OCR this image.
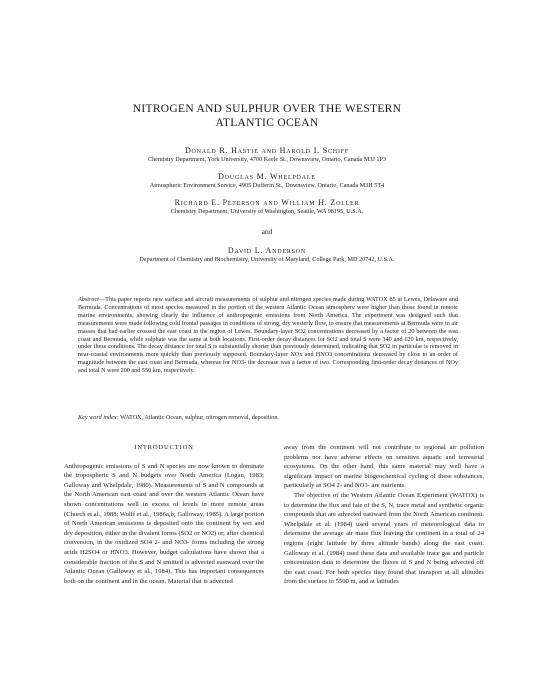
NITROGEN AND SULPHUR OVER THE WESTERN
ATLANTIC OCEAN
Donald R. Hastie and Harold I. Schiff
Chemistry Department, York University, 4700 Keele St., Downsview, Ontario, Canada M3J 1P3
Douglas M. Whelpdale
Atmospheric Environment Service, 4905 Dufferin St., Downsview, Ontario, Canada M3H 5T4
Richard E. Peterson and William H. Zoller
Chemistry Department, University of Washington, Seattle, WA 98195, U.S.A.
and
David L. Anderson
Department of Chemistry and Biochemistry, University of Maryland, College Park, MD 20742, U.S.A.
Abstract—This paper reports new surface and aircraft measurements of sulphur and nitrogen species made during WATOX 85 at Lewes, Delaware and Bermuda. Concentrations of most species measured in the portion of the western Atlantic Ocean atmosphere were higher than those found in remote marine environments, showing clearly the influence of anthropogenic emissions from North America. The experiment was designed such that measurements were made following cold frontal passages in conditions of strong, dry westerly flow, to ensure that measurements at Bermuda were in air masses that had earlier crossed the east coast in the region of Lewes. Boundary-layer SO2 concentrations decreased by a factor of 20 between the east coast and Bermuda, while sulphate was the same at both locations. First-order decay distances for SO2 and total S were 340 and 620 km, respectively, under these conditions. The decay distance for total S is substantially shorter than previously determined, indicating that SO2 in particular is removed in near-coastal environments more quickly than previously supposed. Boundary-layer NOx and HNO3 concentrations decreased by close to an order of magnitude between the east coast and Bermuda, whereas for NO3- the decrease was a factor of two. Corresponding first-order decay distances of NOy and total N were 200 and 550 km, respectively.
Key word index: WATOX, Atlantic Ocean, sulphur, nitrogen removal, deposition.
INTRODUCTION

Anthropogenic emissions of S and N species are now known to dominate the tropospheric S and N budgets over North America (Logan, 1983; Galloway and Whelpdale, 1980). Measurements of S and N compounds at the North American east coast and over the western Atlantic Ocean have shown concentrations well in excess of levels in more remote areas (Church et al., 1988; Wolff et al., 1986a,b; Galloway, 1985). A large portion of North American emissions is deposited onto the continent by wet and dry deposition, either in the divalent forms (SO2 or NO2) or, after chemical conversion, in the oxidized SO4 2- and NO3- forms including the strong acids H2SO4 or HNO3. However, budget calculations have shown that a considerable fraction of the S and N emitted is advected eastward over the Atlantic Ocean (Galloway et al., 1984). This has important consequences both on the continent and in the ocean. Material that is advected

away from the continent will not contribute to regional air pollution problems nor have adverse effects on sensitive aquatic and terrestrial ecosystems. On the other hand, this same material may well have a significant impact on marine biogeochemical cycling of these substances, particularly as SO4 2- and NO3- are nutrients.

The objective of the Western Atlantic Ocean Experiment (WATOX) is to determine the flux and fate of the S, N, trace metal and synthetic organic compounds that are advected eastward from the North American continent. Whelpdale et al. (1984) used several years of meteorological data to determine the average air mass flux leaving the continent in a total of 24 regions (eight latitude by three altitude bands) along the east coast. Galloway et al. (1984) used these data and available trace gas and particle concentration data to determine the fluxes of S and N being advected off the east coast. For both species they found that transport at all altitudes from the surface to 5500 m, and at latitudes
